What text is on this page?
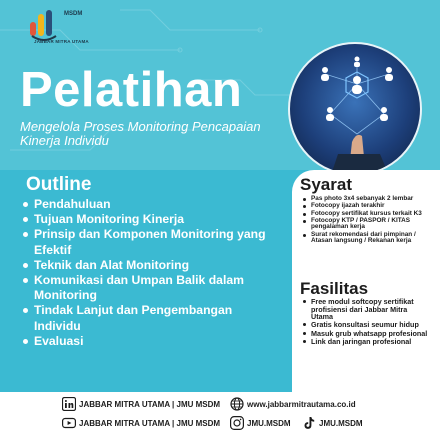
MSDM
JABBAR MITRA UTAMA
Pelatihan
Mengelola Proses Monitoring Pencapaian Kinerja Individu
Outline
Pendahuluan
Tujuan Monitoring Kinerja
Prinsip dan Komponen Monitoring yang Efektif
Teknik dan Alat Monitoring
Komunikasi dan Umpan Balik dalam Monitoring
Tindak Lanjut dan Pengembangan Individu
Evaluasi
Syarat
Pas photo 3x4 sebanyak 2 lembar
Fotocopy ijazah terakhir
Fotocopy sertifikat kursus terkait K3
Fotocopy KTP / PASPOR / KITAS pengalaman kerja
Surat rekomendasi dari pimpinan / Atasan langsung / Rekanan kerja
Fasilitas
Free modul softcopy sertifikat profisiensi dari Jabbar Mitra Utama
Gratis konsultasi seumur hidup
Masuk grub whatsapp profesional
Link dan jaringan profesional
JABBAR MITRA UTAMA | JMU MSDM	www.jabbarmitrautama.co.id
JABBAR MITRA UTAMA | JMU MSDM	JMU.MSDM	JMU.MSDM
